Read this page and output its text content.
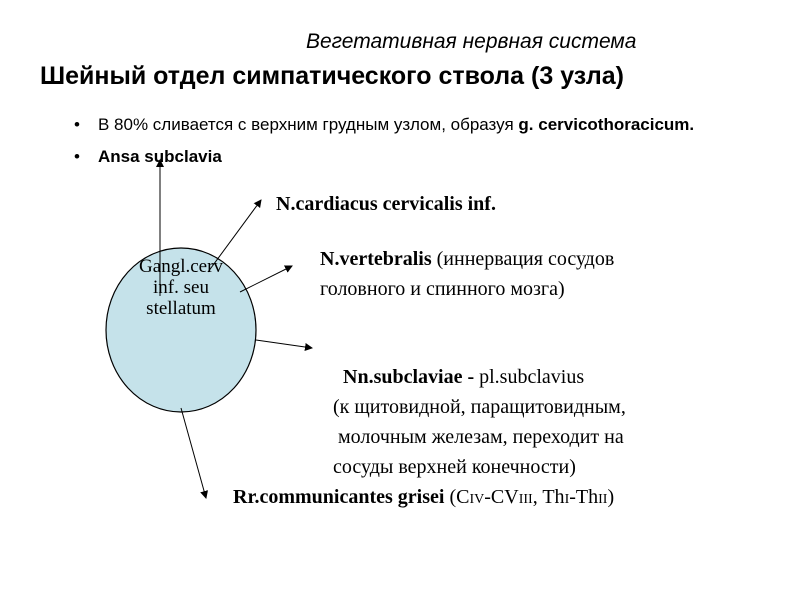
Вегетативная нервная система
Шейный отдел симпатического ствола (3 узла)
• В 80% сливается с верхним грудным узлом, образуя g. cervicothoracicum.
• Ansa subclavia
Gangl.cerv inf. seu stellatum
N.cardiacus cervicalis inf.
N.vertebralis (иннервация сосудов
головного и спинного мозга)

Nn.subclaviae - pl.subclavius
(к щитовидной, паращитовидным,
молочным железам, переходит на
сосуды верхней конечности)

Rr.communicantes grisei (CIV-CVIII, ThI-ThII)
